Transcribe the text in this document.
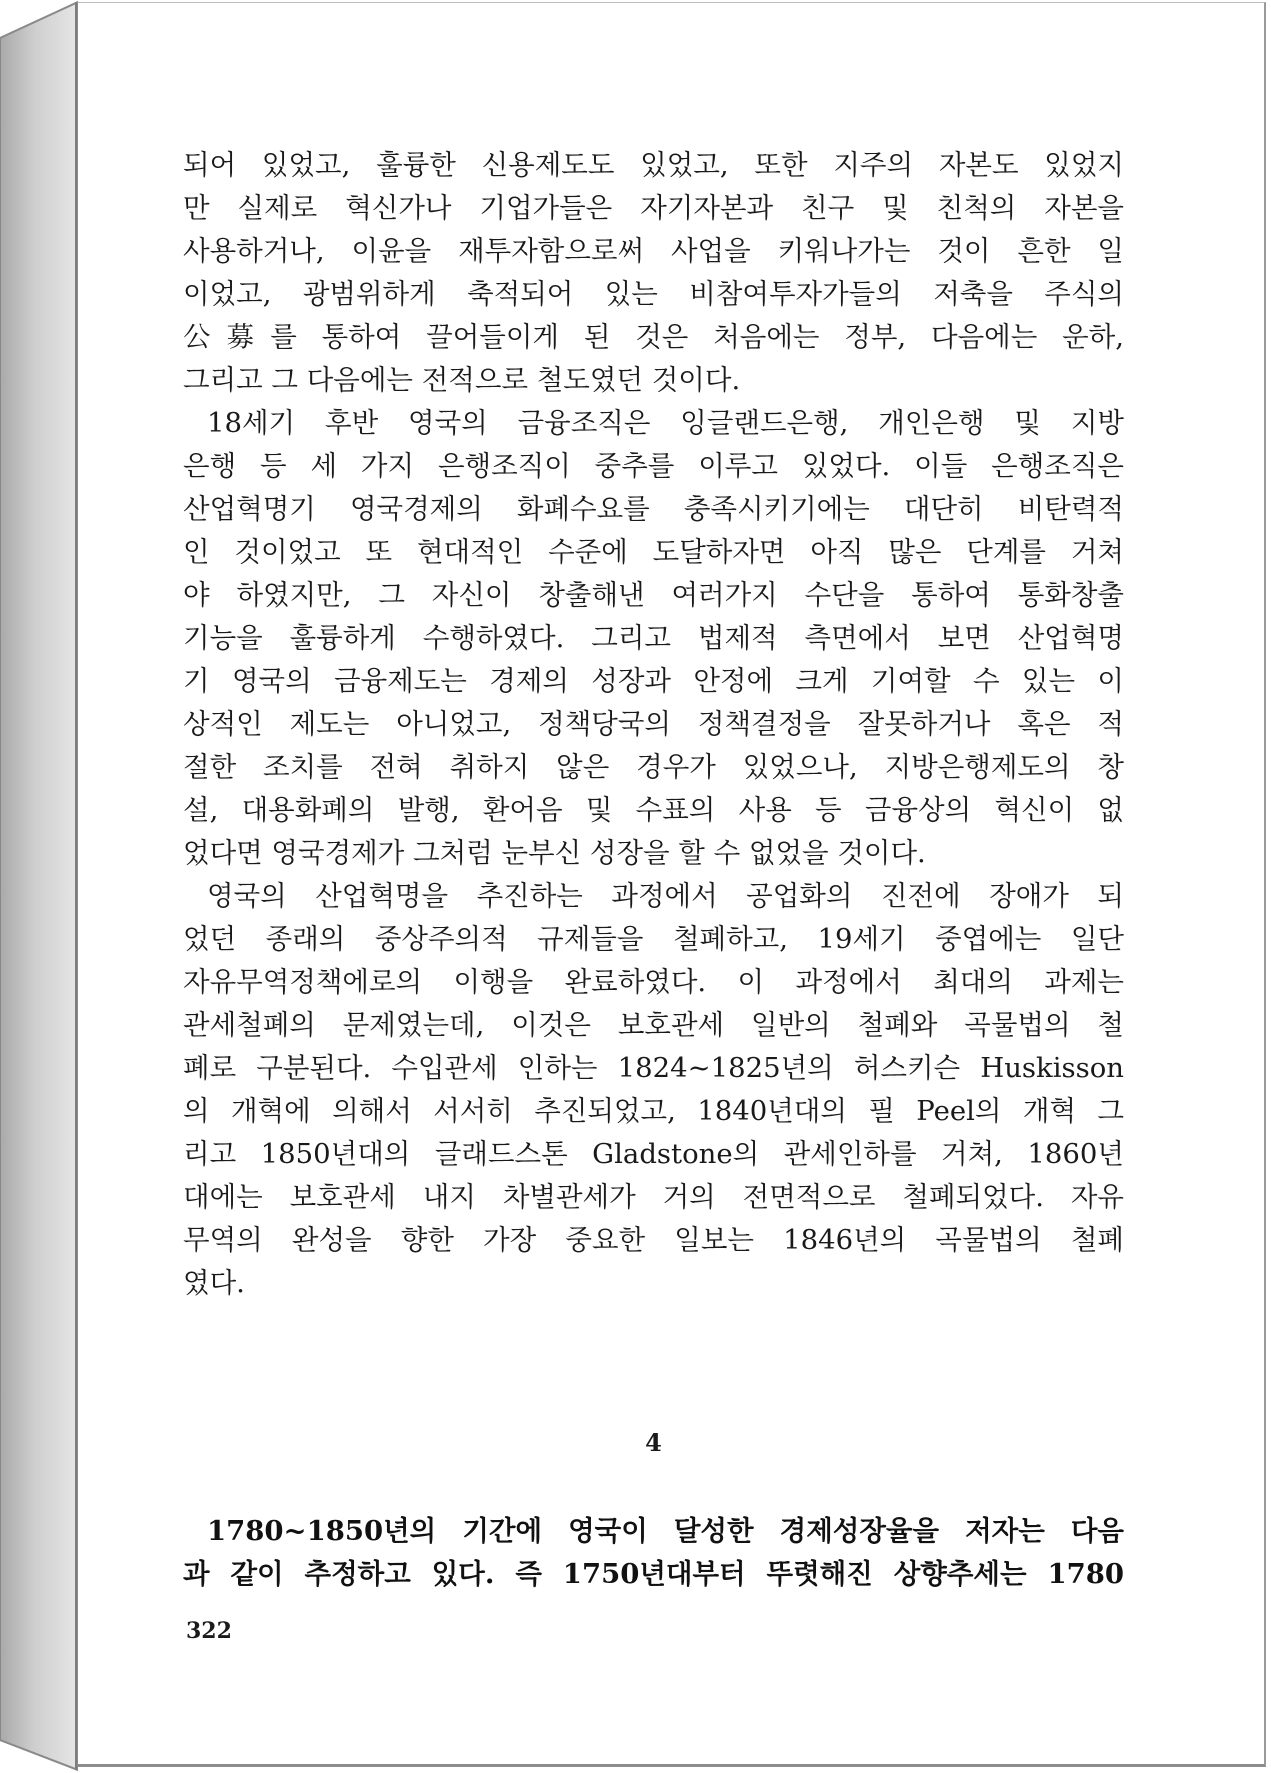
되어 있었고, 훌륭한 신용제도도 있었고, 또한 지주의 자본도 있었지
만 실제로 혁신가나 기업가들은 자기자본과 친구 및 친척의 자본을
사용하거나, 이윤을 재투자함으로써 사업을 키워나가는 것이 흔한 일
이었고, 광범위하게 축적되어 있는 비참여투자가들의 저축을 주식의
公募를 통하여 끌어들이게 된 것은 처음에는 정부, 다음에는 운하,
그리고 그 다음에는 전적으로 철도였던 것이다.
18세기 후반 영국의 금융조직은 잉글랜드은행, 개인은행 및 지방
은행 등 세 가지 은행조직이 중추를 이루고 있었다. 이들 은행조직은
산업혁명기 영국경제의 화폐수요를 충족시키기에는 대단히 비탄력적
인 것이었고 또 현대적인 수준에 도달하자면 아직 많은 단계를 거쳐
야 하였지만, 그 자신이 창출해낸 여러가지 수단을 통하여 통화창출
기능을 훌륭하게 수행하였다. 그리고 법제적 측면에서 보면 산업혁명
기 영국의 금융제도는 경제의 성장과 안정에 크게 기여할 수 있는 이
상적인 제도는 아니었고, 정책당국의 정책결정을 잘못하거나 혹은 적
절한 조치를 전혀 취하지 않은 경우가 있었으나, 지방은행제도의 창
설, 대용화폐의 발행, 환어음 및 수표의 사용 등 금융상의 혁신이 없
었다면 영국경제가 그처럼 눈부신 성장을 할 수 없었을 것이다.
영국의 산업혁명을 추진하는 과정에서 공업화의 진전에 장애가 되
었던 종래의 중상주의적 규제들을 철폐하고, 19세기 중엽에는 일단
자유무역정책에로의 이행을 완료하였다. 이 과정에서 최대의 과제는
관세철폐의 문제였는데, 이것은 보호관세 일반의 철폐와 곡물법의 철
폐로 구분된다. 수입관세 인하는 1824~1825년의 허스키슨 Huskisson
의 개혁에 의해서 서서히 추진되었고, 1840년대의 필 Peel의 개혁 그
리고 1850년대의 글래드스톤 Gladstone의 관세인하를 거쳐, 1860년
대에는 보호관세 내지 차별관세가 거의 전면적으로 철폐되었다. 자유
무역의 완성을 향한 가장 중요한 일보는 1846년의 곡물법의 철폐
였다.
4
1780~1850년의 기간에 영국이 달성한 경제성장율을 저자는 다음
과 같이 추정하고 있다. 즉 1750년대부터 뚜렷해진 상향추세는 1780
322
